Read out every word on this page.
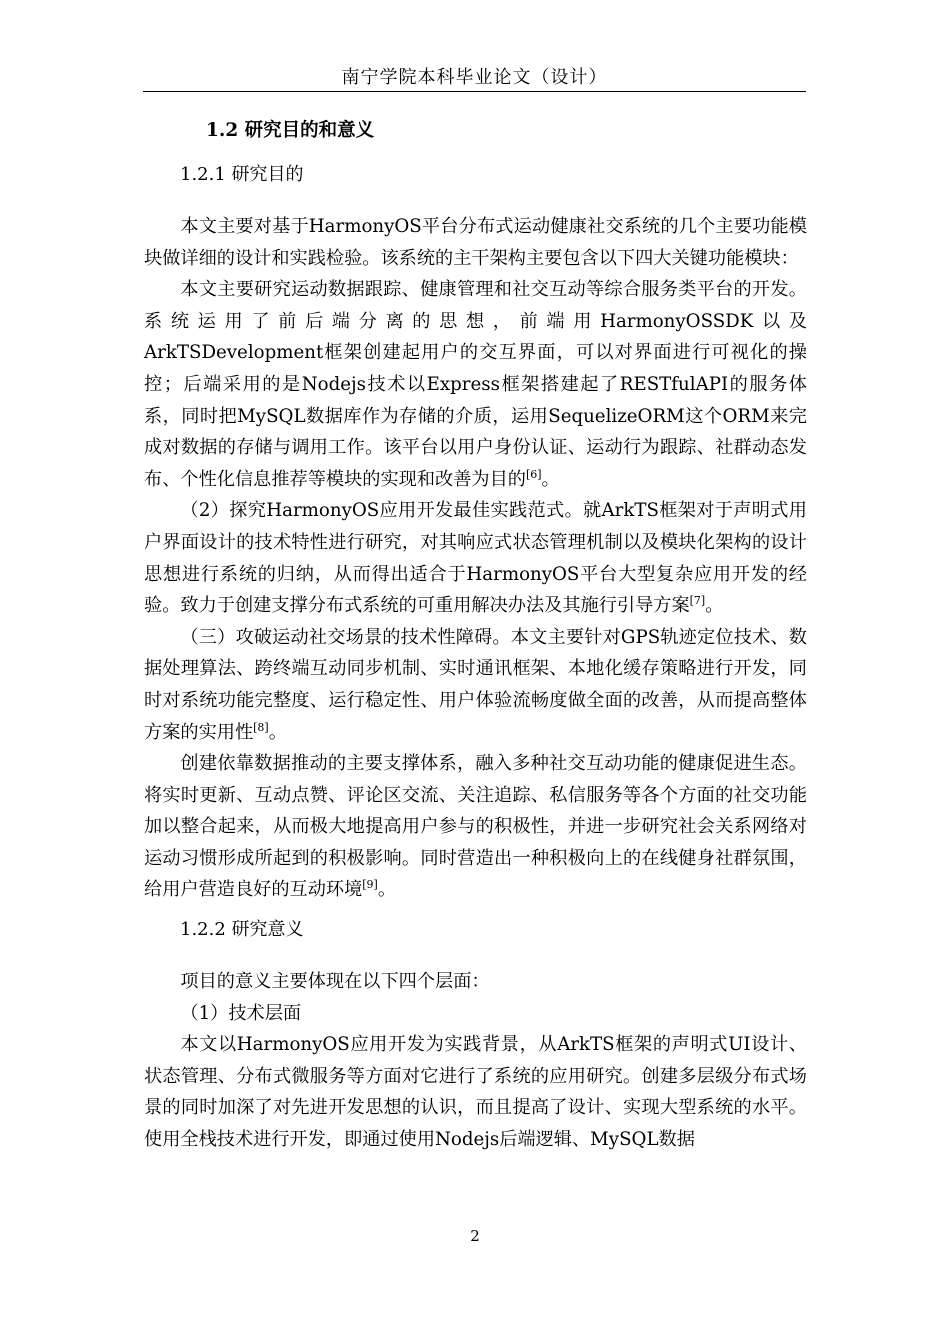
南宁学院本科毕业论文（设计）
1.2 研究目的和意义
1.2.1 研究目的

本文主要对基于HarmonyOS平台分布式运动健康社交系统的几个主要功能模块做详细的设计和实践检验。该系统的主干架构主要包含以下四大关键功能模块：

本文主要研究运动数据跟踪、健康管理和社交互动等综合服务类平台的开发。系统运用了前后端分离的思想，前端用HarmonyOSSDK以及ArkTSDevelopment框架创建起用户的交互界面，可以对界面进行可视化的操控；后端采用的是Nodejs技术以Express框架搭建起了RESTfulAPI的服务体系，同时把MySQL数据库作为存储的介质，运用SequelizeORM这个ORM来完成对数据的存储与调用工作。该平台以用户身份认证、运动行为跟踪、社群动态发布、个性化信息推荐等模块的实现和改善为目的[6]。

（2）探究HarmonyOS应用开发最佳实践范式。就ArkTS框架对于声明式用户界面设计的技术特性进行研究，对其响应式状态管理机制以及模块化架构的设计思想进行系统的归纳，从而得出适合于HarmonyOS平台大型复杂应用开发的经验。致力于创建支撑分布式系统的可重用解决办法及其施行引导方案[7]。

（三）攻破运动社交场景的技术性障碍。本文主要针对GPS轨迹定位技术、数据处理算法、跨终端互动同步机制、实时通讯框架、本地化缓存策略进行开发，同时对系统功能完整度、运行稳定性、用户体验流畅度做全面的改善，从而提高整体方案的实用性[8]。

创建依靠数据推动的主要支撑体系，融入多种社交互动功能的健康促进生态。将实时更新、互动点赞、评论区交流、关注追踪、私信服务等各个方面的社交功能加以整合起来，从而极大地提高用户参与的积极性，并进一步研究社会关系网络对运动习惯形成所起到的积极影响。同时营造出一种积极向上的在线健身社群氛围，给用户营造良好的互动环境[9]。

1.2.2 研究意义

项目的意义主要体现在以下四个层面：

（1）技术层面

本文以HarmonyOS应用开发为实践背景，从ArkTS框架的声明式UI设计、状态管理、分布式微服务等方面对它进行了系统的应用研究。创建多层级分布式场景的同时加深了对先进开发思想的认识，而且提高了设计、实现大型系统的水平。使用全栈技术进行开发，即通过使用Nodejs后端逻辑、MySQL数据

2
